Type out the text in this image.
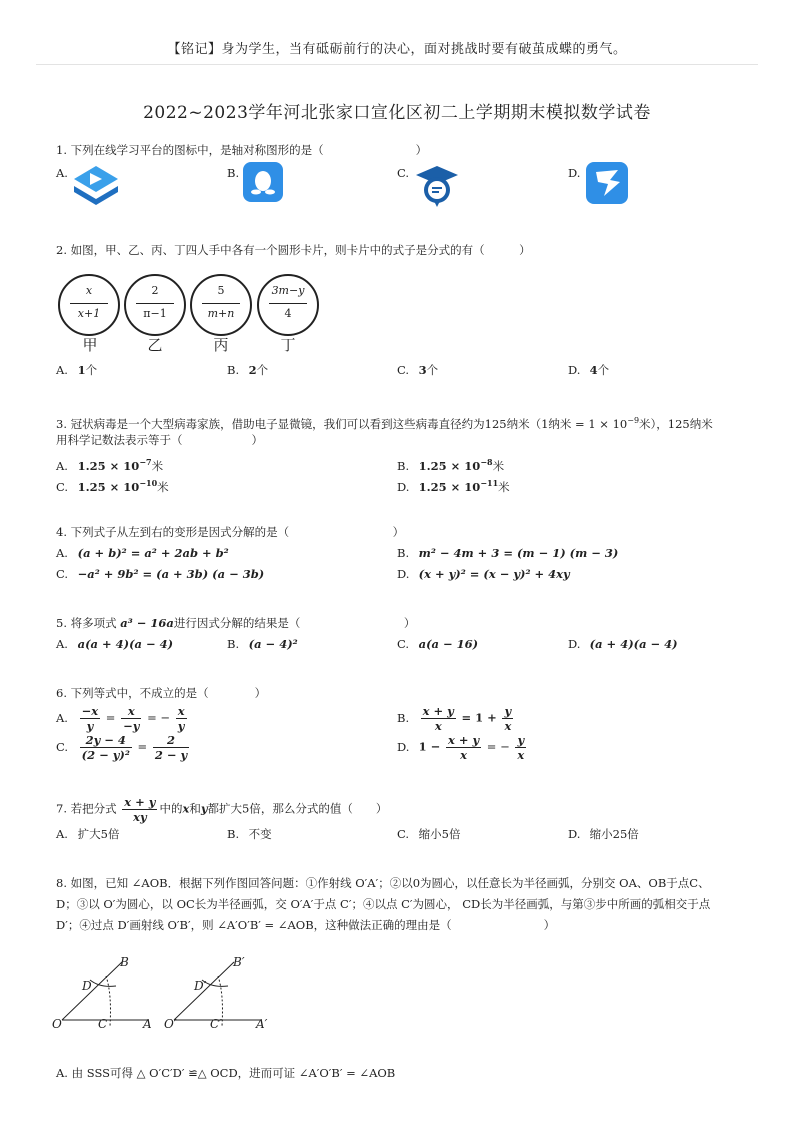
【铭记】身为学生，当有砥砺前行的决心，面对挑战时要有破茧成蝶的勇气。
2022~2023学年河北张家口宣化区初二上学期期末模拟数学试卷
1. 下列在线学习平台的图标中，是轴对称图形的是（　　　　　　　　）
A.	B.	C.	D.
2. 如图，甲、乙、丙、丁四人手中各有一个圆形卡片，则卡片中的式子是分式的有（　　　）
x
x+1
2
π−1
5
m+n
3m−y
4
甲	乙	丙	丁
A. 1个	B. 2个	C. 3个	D. 4个
3. 冠状病毒是一个大型病毒家族，借助电子显微镜，我们可以看到这些病毒直径约为125纳米（1纳米 = $1 \times 10^{-9}$米），125纳米
用科学记数法表示等于（　　　　　　）
A. $1.25 \times 10^{-7}$米	B. $1.25 \times 10^{-8}$米
C. $1.25 \times 10^{-10}$米	D. $1.25 \times 10^{-11}$米
4. 下列式子从左到右的变形是因式分解的是（　　　　　　　　　）
A. (a + b)² = a² + 2ab + b²	B. m² − 4m + 3 = (m − 1) (m − 3)
C. −a² + 9b² = (a + 3b) (a − 3b)	D. (x + y)² = (x − y)² + 4xy
5. 将多项式 a³ − 16a进行因式分解的结果是（　　　　　　　　　）
A. a(a + 4)(a − 4)	B. (a − 4)²	C. a(a − 16)	D. (a + 4)(a − 4)
6. 下列等式中，不成立的是（　　　　）
A. $\frac{-x}{y} = \frac{x}{-y}$ = − $\frac{x}{y}$	B. $\frac{x + y}{x} = 1 + \frac{y}{x}$
C. $\frac{2y - 4}{\text{(2 − y)²}} = \frac{2}{2 - y}$	D. $1 - \frac{x + y}{x}$ = − $\frac{y}{x}$
7. 若把分式 $\frac{x + y}{xy}$ 中的x和y都扩大5倍，那么分式的值（　　）
A. 扩大5倍	B. 不变	C. 缩小5倍	D. 缩小25倍
8. 如图，已知 ∠AOB．根据下列作图回答问题：①作射线 O′A′；②以0为圆心，以任意长为半径画弧，分别交 OA、OB于点C、
D；③以 O′为圆心，以 OC长为半径画弧，交 O′A′于点 C′；④以点 C′为圆心， CD长为半径画弧，与第③步中所画的弧相交于点
D′；④过点 D′画射线 O′B′，则 ∠A′O′B′ = ∠AOB，这种做法正确的理由是（　　　　　　　　）
O	A
B
C
D
O′	A′
B′
C′
D′
A. 由 SSS可得 △ O′C′D′ ≌△ OCD，进而可证 ∠A′O′B′ = ∠AOB
